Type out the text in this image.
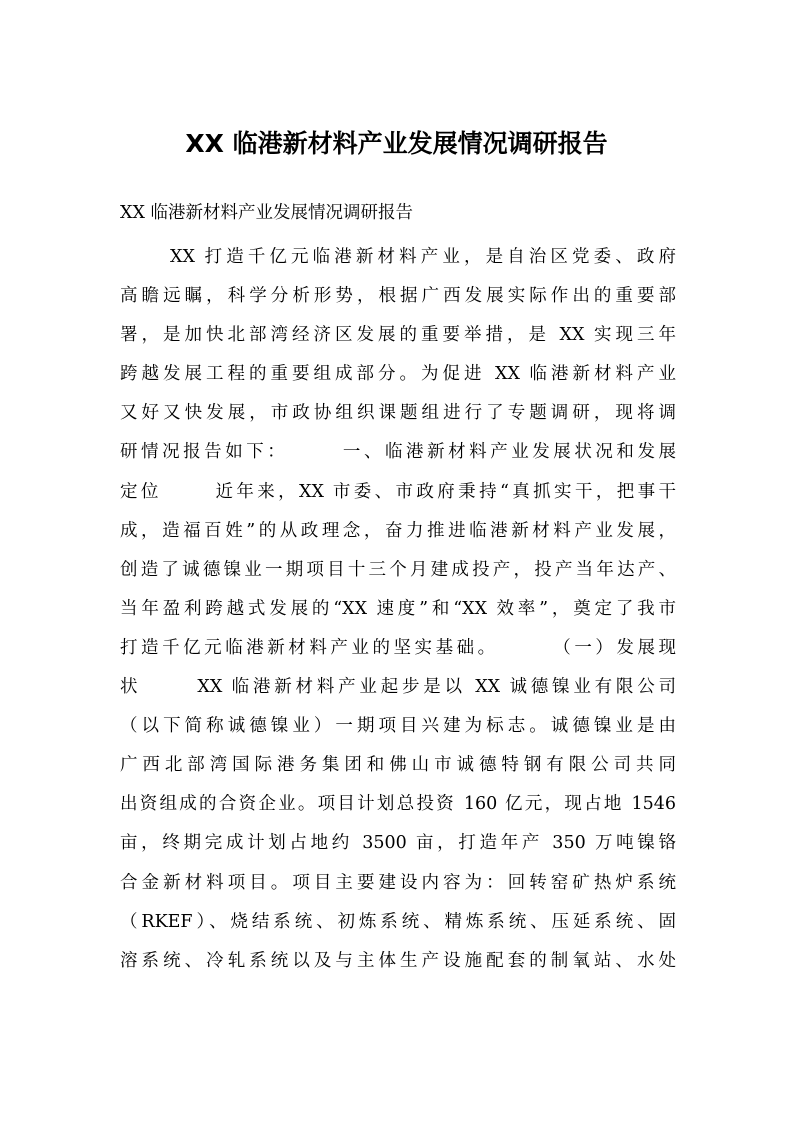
XX 临港新材料产业发展情况调研报告

XX 临港新材料产业发展情况调研报告

XX 打造千亿元临港新材料产业，是自治区党委、政府
高瞻远瞩，科学分析形势，根据广西发展实际作出的重要部
署，是加快北部湾经济区发展的重要举措，是 XX 实现三年
跨越发展工程的重要组成部分。为促进 XX 临港新材料产业
又好又快发展，市政协组织课题组进行了专题调研，现将调
研情况报告如下：      一、临港新材料产业发展状况和发展
定位      近年来，XX 市委、市政府秉持“真抓实干，把事干
成，造福百姓”的从政理念，奋力推进临港新材料产业发展，
创造了诚德镍业一期项目十三个月建成投产，投产当年达产、
当年盈利跨越式发展的“XX 速度”和“XX 效率”，奠定了我市
打造千亿元临港新材料产业的坚实基础。      （一）发展现
状      XX 临港新材料产业起步是以 XX 诚德镍业有限公司
（以下简称诚德镍业）一期项目兴建为标志。诚德镍业是由
广西北部湾国际港务集团和佛山市诚德特钢有限公司共同
出资组成的合资企业。项目计划总投资 160 亿元，现占地 1546
亩，终期完成计划占地约 3500 亩，打造年产 350 万吨镍铬
合金新材料项目。项目主要建设内容为：回转窑矿热炉系统
（RKEF）、烧结系统、初炼系统、精炼系统、压延系统、固
溶系统、冷轧系统以及与主体生产设施配套的制氧站、水处
